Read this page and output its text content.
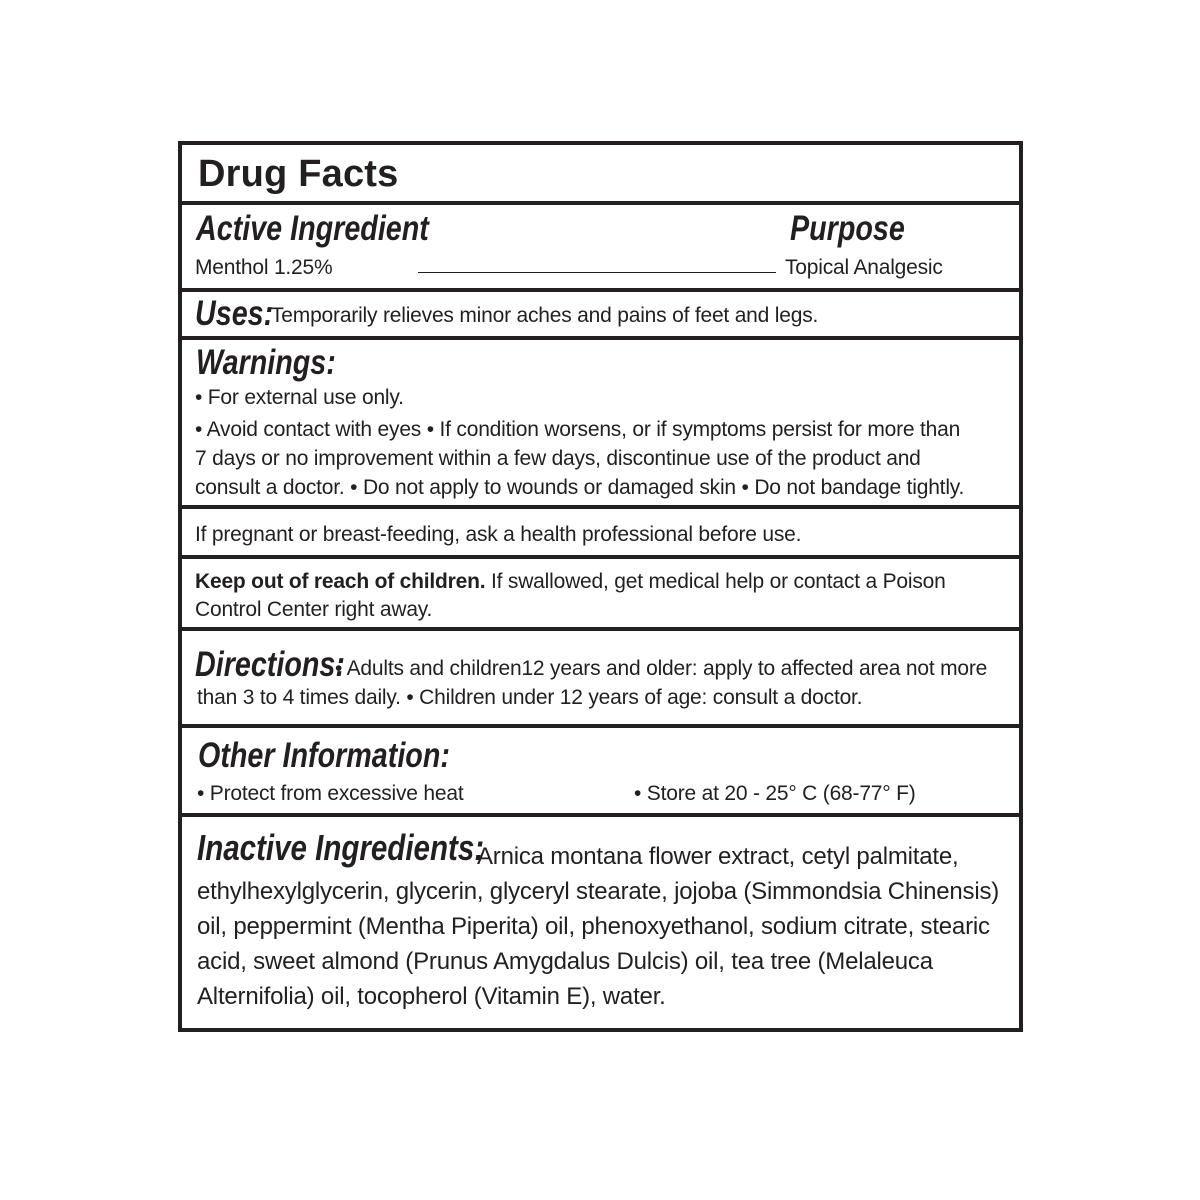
Drug Facts
Active Ingredient	Purpose
Menthol 1.25%	Topical Analgesic
Uses:
Temporarily relieves minor aches and pains of feet and legs.
Warnings:
• For external use only.
• Avoid contact with eyes • If condition worsens, or if symptoms persist for more than
7 days or no improvement within a few days, discontinue use of the product and
consult a doctor. • Do not apply to wounds or damaged skin • Do not bandage tightly.
If pregnant or breast-feeding, ask a health professional before use.
Keep out of reach of children. If swallowed, get medical help or contact a Poison
Control Center right away.
Directions:
• Adults and children12 years and older: apply to affected area not more
than 3 to 4 times daily. • Children under 12 years of age: consult a doctor.
Other Information:
• Protect from excessive heat	• Store at 20 - 25° C (68-77° F)
Inactive Ingredients:
Arnica montana flower extract, cetyl palmitate,
ethylhexylglycerin, glycerin, glyceryl stearate, jojoba (Simmondsia Chinensis)
oil, peppermint (Mentha Piperita) oil, phenoxyethanol, sodium citrate, stearic
acid, sweet almond (Prunus Amygdalus Dulcis) oil, tea tree (Melaleuca
Alternifolia) oil, tocopherol (Vitamin E), water.
